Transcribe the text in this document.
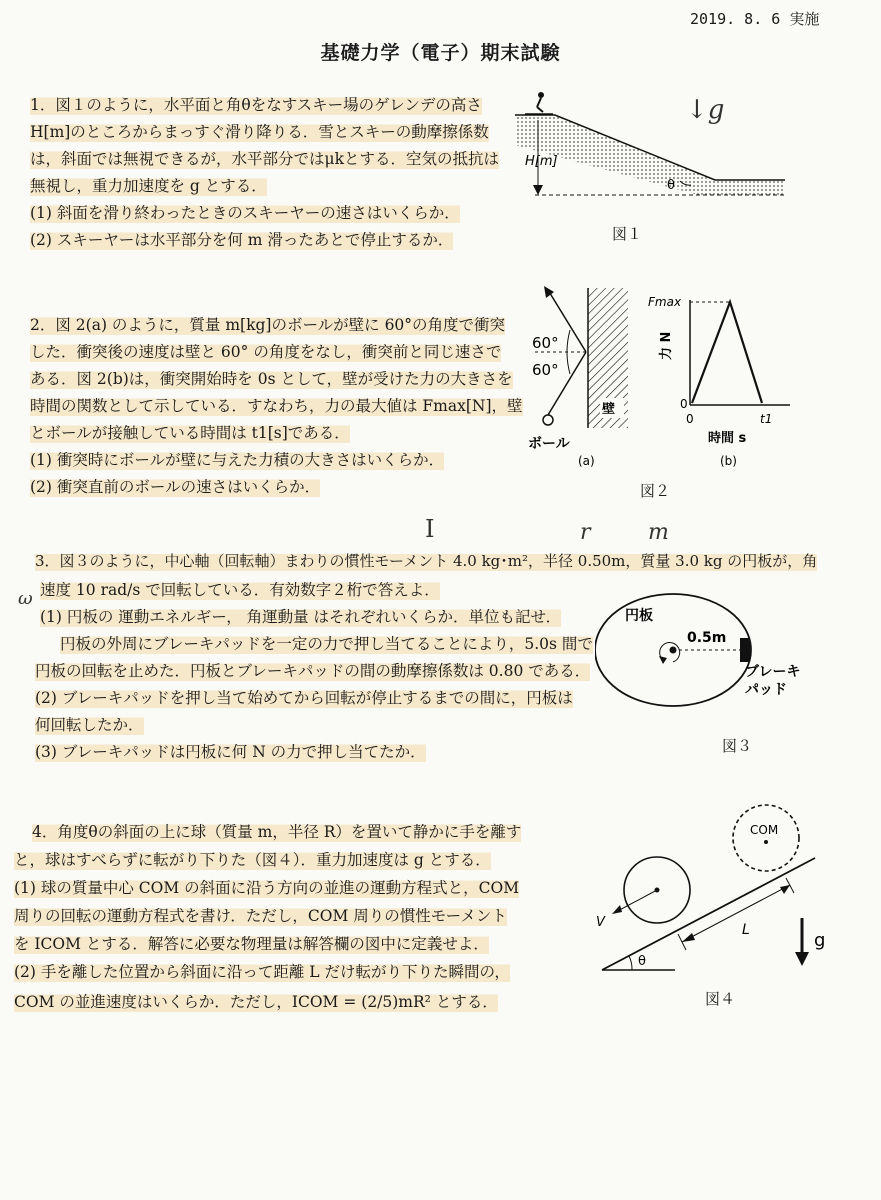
2019. 8. 6 実施
基礎力学（電子）期末試験
1．図１のように，水平面と角θをなすスキー場のゲレンデの高さ
H[m]のところからまっすぐ滑り降りる．雪とスキーの動摩擦係数
は，斜面では無視できるが，水平部分ではμkとする．空気の抵抗は
無視し，重力加速度を g とする．
(1) 斜面を滑り終わったときのスキーヤーの速さはいくらか．
(2) スキーヤーは水平部分を何 m 滑ったあとで停止するか．
H[m]
θ
↓g
図１
2．図 2(a) のように，質量 m[kg]のボールが壁に 60°の角度で衝突
した．衝突後の速度は壁と 60° の角度をなし，衝突前と同じ速さで
ある．図 2(b)は，衝突開始時を 0s として，壁が受けた力の大きさを
時間の関数として示している．すなわち，力の最大値は Fmax[N]，壁
とボールが接触している時間は t1[s]である．
(1) 衝突時にボールが壁に与えた力積の大きさはいくらか．
(2) 衝突直前のボールの速さはいくらか．
60°
60°
壁
ボール
Fmax
0
0	t1
力 N
時間 s
(a)	(b)
図２
I	r	m
ω
3．図３のように，中心軸（回転軸）まわりの慣性モーメント 4.0 kg･m²，半径 0.50m，質量 3.0 kg の円板が，角
速度 10 rad/s で回転している．有効数字２桁で答えよ．
(1) 円板の 運動エネルギー， 角運動量 はそれぞれいくらか．単位も記せ．
円板の外周にブレーキパッドを一定の力で押し当てることにより，5.0s 間で
円板の回転を止めた．円板とブレーキパッドの間の動摩擦係数は 0.80 である．
(2) ブレーキパッドを押し当て始めてから回転が停止するまでの間に，円板は
何回転したか．
(3) ブレーキパッドは円板に何 N の力で押し当てたか．
円板
0.5m
ブレーキ
パッド
図３
4．角度θの斜面の上に球（質量 m，半径 R）を置いて静かに手を離す
と，球はすべらずに転がり下りた（図４）．重力加速度は g とする．
(1) 球の質量中心 COM の斜面に沿う方向の並進の運動方程式と，COM
周りの回転の運動方程式を書け．ただし，COM 周りの慣性モーメント
を ICOM とする．解答に必要な物理量は解答欄の図中に定義せよ．
(2) 手を離した位置から斜面に沿って距離 L だけ転がり下りた瞬間の，
COM の並進速度はいくらか．ただし，ICOM = (2/5)mR² とする．
θ
V
COM
L	g
図４
